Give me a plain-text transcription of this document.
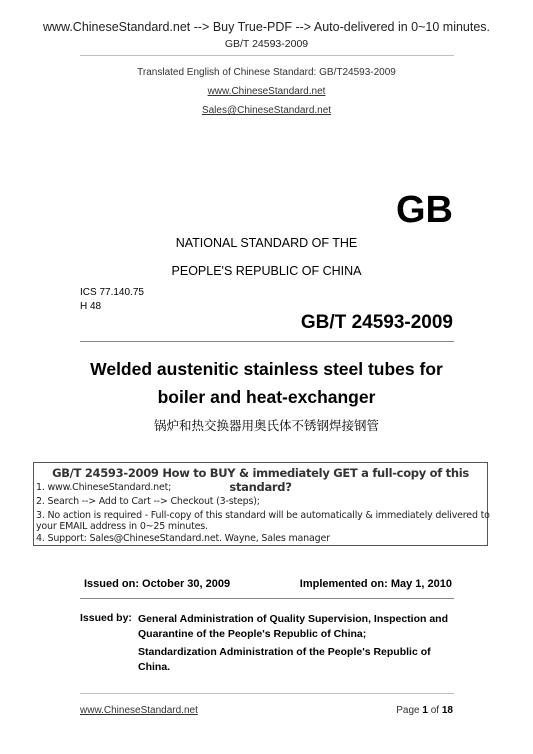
www.ChineseStandard.net --> Buy True-PDF --> Auto-delivered in 0~10 minutes.
GB/T 24593-2009
Translated English of Chinese Standard: GB/T24593-2009
www.ChineseStandard.net
Sales@ChineseStandard.net
GB
NATIONAL STANDARD OF THE
PEOPLE'S REPUBLIC OF CHINA
ICS 77.140.75
H 48
GB/T 24593-2009
Welded austenitic stainless steel tubes for
boiler and heat-exchanger
锅炉和热交换器用奥氏体不锈钢焊接钢管
GB/T 24593-2009 How to BUY & immediately GET a full-copy of this standard?
1. www.ChineseStandard.net;
2. Search --> Add to Cart --> Checkout (3-steps);
3. No action is required - Full-copy of this standard will be automatically & immediately delivered to
your EMAIL address in 0~25 minutes.
4. Support: Sales@ChineseStandard.net. Wayne, Sales manager
Issued on: October 30, 2009	Implemented on: May 1, 2010
Issued by: General Administration of Quality Supervision, Inspection and Quarantine of the People's Republic of China;
Standardization Administration of the People's Republic of China.
www.ChineseStandard.net	Page 1 of 18
